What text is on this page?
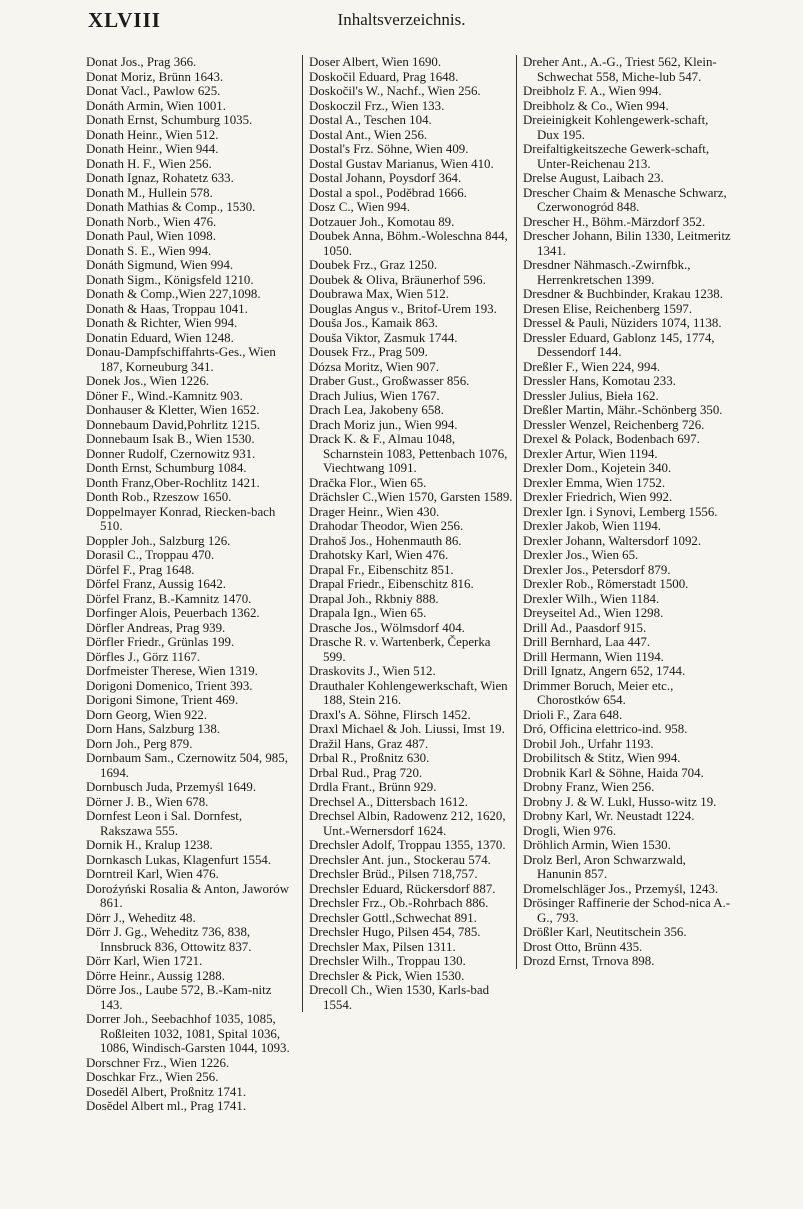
XLVIII	Inhaltsverzeichnis.
Donat Jos., Prag 366.
Donat Moriz, Brünn 1643.
Donat Vacl., Pawlow 625.
Donáth Armin, Wien 1001.
Donath Ernst, Schumburg 1035.
Donath Heinr., Wien 512.
Donath Heinr., Wien 944.
Donath H. F., Wien 256.
Donath Ignaz, Rohatetz 633.
Donath M., Hullein 578.
Donath Mathias & Comp., 1530.
Donath Norb., Wien 476.
Donath Paul, Wien 1098.
Donath S. E., Wien 994.
Donáth Sigmund, Wien 994.
Donath Sigm., Königsfeld 1210.
Donath & Comp.,Wien 227,1098.
Donath & Haas, Troppau 1041.
Donath & Richter, Wien 994.
Donatin Eduard, Wien 1248.
Donau-Dampfschiffahrts-Ges., Wien 187, Korneuburg 341.
Donek Jos., Wien 1226.
Döner F., Wind.-Kamnitz 903.
Donhauser & Kletter, Wien 1652.
Donnebaum David,Pohrlitz 1215.
Donnebaum Isak B., Wien 1530.
Donner Rudolf, Czernowitz 931.
Donth Ernst, Schumburg 1084.
Donth Franz,Ober-Rochlitz 1421.
Donth Rob., Rzeszow 1650.
Doppelmayer Konrad, Riecken-bach 510.
Doppler Joh., Salzburg 126.
Dorasil C., Troppau 470.
Dörfel F., Prag 1648.
Dörfel Franz, Aussig 1642.
Dörfel Franz, B.-Kamnitz 1470.
Dorfinger Alois, Peuerbach 1362.
Dörfler Andreas, Prag 939.
Dörfler Friedr., Grünlas 199.
Dörfles J., Görz 1167.
Dorfmeister Therese, Wien 1319.
Dorigoni Domenico, Trient 393.
Dorigoni Simone, Trient 469.
Dorn Georg, Wien 922.
Dorn Hans, Salzburg 138.
Dorn Joh., Perg 879.
Dornbaum Sam., Czernowitz 504, 985, 1694.
Dornbusch Juda, Przemyśl 1649.
Dörner J. B., Wien 678.
Dornfest Leon i Sal. Dornfest, Rakszawa 555.
Dornik H., Kralup 1238.
Dornkasch Lukas, Klagenfurt 1554.
Dorntreil Karl, Wien 476.
Doroźyński Rosalia & Anton, Jaworów 861.
Dörr J., Weheditz 48.
Dörr J. Gg., Weheditz 736, 838, Innsbruck 836, Ottowitz 837.
Dörr Karl, Wien 1721.
Dörre Heinr., Aussig 1288.
Dörre Jos., Laube 572, B.-Kam-nitz 143.
Dorrer Joh., Seebachhof 1035, 1085, Roßleiten 1032, 1081, Spital 1036, 1086, Windisch-Garsten 1044, 1093.
Dorschner Frz., Wien 1226.
Doschkar Frz., Wien 256.
Dosedĕl Albert, Proßnitz 1741.
Dosĕdel Albert ml., Prag 1741.
Doser Albert, Wien 1690.
Doskočil Eduard, Prag 1648.
Doskočil's W., Nachf., Wien 256.
Doskoczil Frz., Wien 133.
Dostal A., Teschen 104.
Dostal Ant., Wien 256.
Dostal's Frz. Söhne, Wien 409.
Dostal Gustav Marianus, Wien 410.
Dostal Johann, Poysdorf 364.
Dostal a spol., Poděbrad 1666.
Dosz C., Wien 994.
Dotzauer Joh., Komotau 89.
Doubek Anna, Böhm.-Woleschna 844, 1050.
Doubek Frz., Graz 1250.
Doubek & Oliva, Bräunerhof 596.
Doubrawa Max, Wien 512.
Douglas Angus v., Britof-Urem 193.
Douša Jos., Kamaik 863.
Douša Viktor, Zasmuk 1744.
Dousek Frz., Prag 509.
Dózsa Moritz, Wien 907.
Draber Gust., Großwasser 856.
Drach Julius, Wien 1767.
Drach Lea, Jakobeny 658.
Drach Moriz jun., Wien 994.
Drack K. & F., Almau 1048, Scharnstein 1083, Pettenbach 1076, Viechtwang 1091.
Dračka Flor., Wien 65.
Drächsler C.,Wien 1570, Garsten 1589.
Drager Heinr., Wien 430.
Drahodar Theodor, Wien 256.
Drahoš Jos., Hohenmauth 86.
Drahotsky Karl, Wien 476.
Drapal Fr., Eibenschitz 851.
Drapal Friedr., Eibenschitz 816.
Drapal Joh., Rkbniy 888.
Drapala Ign., Wien 65.
Drasche Jos., Wölmsdorf 404.
Drasche R. v. Wartenberk, Čeperka 599.
Draskovits J., Wien 512.
Drauthaler Kohlengewerkschaft, Wien 188, Stein 216.
Draxl's A. Söhne, Flirsch 1452.
Draxl Michael & Joh. Liussi, Imst 19.
Dražil Hans, Graz 487.
Drbal R., Proßnitz 630.
Drbal Rud., Prag 720.
Drdla Frant., Brünn 929.
Drechsel A., Dittersbach 1612.
Drechsel Albin, Radowenz 212, 1620, Unt.-Wernersdorf 1624.
Drechsler Adolf, Troppau 1355, 1370.
Drechsler Ant. jun., Stockerau 574.
Drechsler Brüd., Pilsen 718,757.
Drechsler Eduard, Rückersdorf 887.
Drechsler Frz., Ob.-Rohrbach 886.
Drechsler Gottl.,Schwechat 891.
Drechsler Hugo, Pilsen 454, 785.
Drechsler Max, Pilsen 1311.
Drechsler Wilh., Troppau 130.
Drechsler & Pick, Wien 1530.
Drecoll Ch., Wien 1530, Karls-bad 1554.
Dreher Ant., A.-G., Triest 562, Klein-Schwechat 558, Miche-lub 547.
Dreibholz F. A., Wien 994.
Dreibholz & Co., Wien 994.
Dreieinigkeit Kohlengewerk-schaft, Dux 195.
Dreifaltigkeitszeche Gewerk-schaft, Unter-Reichenau 213.
Drelse August, Laibach 23.
Drescher Chaim & Menasche Schwarz, Czerwonogród 848.
Drescher H., Böhm.-Märzdorf 352.
Drescher Johann, Bilin 1330, Leitmeritz 1341.
Dresdner Nähmasch.-Zwirnfbk., Herrenkretschen 1399.
Dresdner & Buchbinder, Krakau 1238.
Dresen Elise, Reichenberg 1597.
Dressel & Pauli, Nüziders 1074, 1138.
Dressler Eduard, Gablonz 145, 1774, Dessendorf 144.
Dreßler F., Wien 224, 994.
Dressler Hans, Komotau 233.
Dressler Julius, Bieła 162.
Dreßler Martin, Mähr.-Schönberg 350.
Dressler Wenzel, Reichenberg 726.
Drexel & Polack, Bodenbach 697.
Drexler Artur, Wien 1194.
Drexler Dom., Kojetein 340.
Drexler Emma, Wien 1752.
Drexler Friedrich, Wien 992.
Drexler Ign. i Synovi, Lemberg 1556.
Drexler Jakob, Wien 1194.
Drexler Johann, Waltersdorf 1092.
Drexler Jos., Wien 65.
Drexler Jos., Petersdorf 879.
Drexler Rob., Römerstadt 1500.
Drexler Wilh., Wien 1184.
Dreyseitel Ad., Wien 1298.
Drill Ad., Paasdorf 915.
Drill Bernhard, Laa 447.
Drill Hermann, Wien 1194.
Drill Ignatz, Angern 652, 1744.
Drimmer Boruch, Meier etc., Chorostków 654.
Drioli F., Zara 648.
Dró, Officina elettrico-ind. 958.
Drobil Joh., Urfahr 1193.
Drobilitsch & Stitz, Wien 994.
Drobnik Karl & Söhne, Haida 704.
Drobny Franz, Wien 256.
Drobny J. & W. Lukl, Husso-witz 19.
Drobny Karl, Wr. Neustadt 1224.
Drogli, Wien 976.
Dröhlich Armin, Wien 1530.
Drolz Berl, Aron Schwarzwald, Hanunin 857.
Dromelschläger Jos., Przemyśl, 1243.
Drösinger Raffinerie der Schod-nica A.-G., 793.
Drößler Karl, Neutitschein 356.
Drost Otto, Brünn 435.
Drozd Ernst, Trnova 898.
